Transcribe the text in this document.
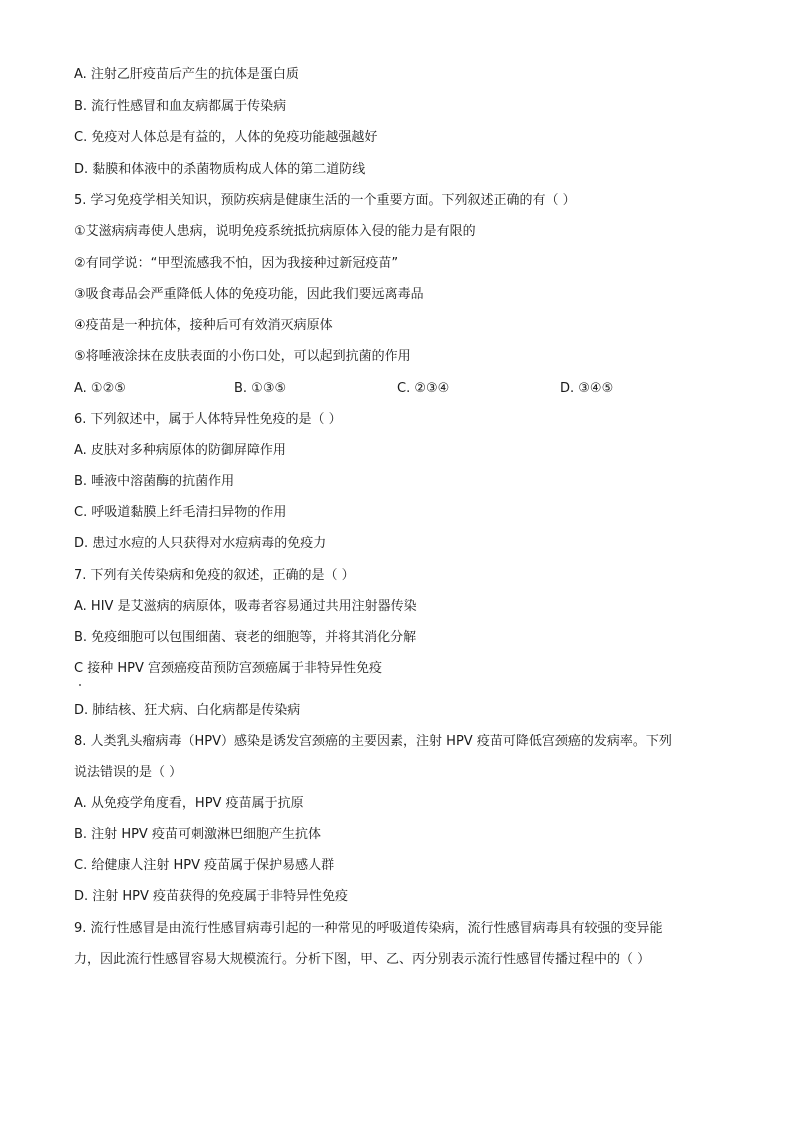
A. 注射乙肝疫苗后产生的抗体是蛋白质
B. 流行性感冒和血友病都属于传染病
C. 免疫对人体总是有益的，人体的免疫功能越强越好
D. 黏膜和体液中的杀菌物质构成人体的第二道防线
5. 学习免疫学相关知识，预防疾病是健康生活的一个重要方面。下列叙述正确的有（ ）
①艾滋病病毒使人患病，说明免疫系统抵抗病原体入侵的能力是有限的
②有同学说：“甲型流感我不怕，因为我接种过新冠疫苗”
③吸食毒品会严重降低人体的免疫功能，因此我们要远离毒品
④疫苗是一种抗体，接种后可有效消灭病原体
⑤将唾液涂抹在皮肤表面的小伤口处，可以起到抗菌的作用
A. ①②⑤	B. ①③⑤	C. ②③④	D. ③④⑤
6. 下列叙述中，属于人体特异性免疫的是（ ）
A. 皮肤对多种病原体的防御屏障作用
B. 唾液中溶菌酶的抗菌作用
C. 呼吸道黏膜上纤毛清扫异物的作用
D. 患过水痘的人只获得对水痘病毒的免疫力
7. 下列有关传染病和免疫的叙述，正确的是（ ）
A. HIV 是艾滋病的病原体，吸毒者容易通过共用注射器传染
B. 免疫细胞可以包围细菌、衰老的细胞等，并将其消化分解
C 接种 HPV 宫颈癌疫苗预防宫颈癌属于非特异性免疫
D. 肺结核、狂犬病、白化病都是传染病
8. 人类乳头瘤病毒（HPV）感染是诱发宫颈癌的主要因素，注射 HPV 疫苗可降低宫颈癌的发病率。下列
说法错误的是（ ）
A. 从免疫学角度看，HPV 疫苗属于抗原
B. 注射 HPV 疫苗可刺激淋巴细胞产生抗体
C. 给健康人注射 HPV 疫苗属于保护易感人群
D. 注射 HPV 疫苗获得的免疫属于非特异性免疫
9. 流行性感冒是由流行性感冒病毒引起的一种常见的呼吸道传染病，流行性感冒病毒具有较强的变异能
力，因此流行性感冒容易大规模流行。分析下图，甲、乙、丙分别表示流行性感冒传播过程中的（ ）
